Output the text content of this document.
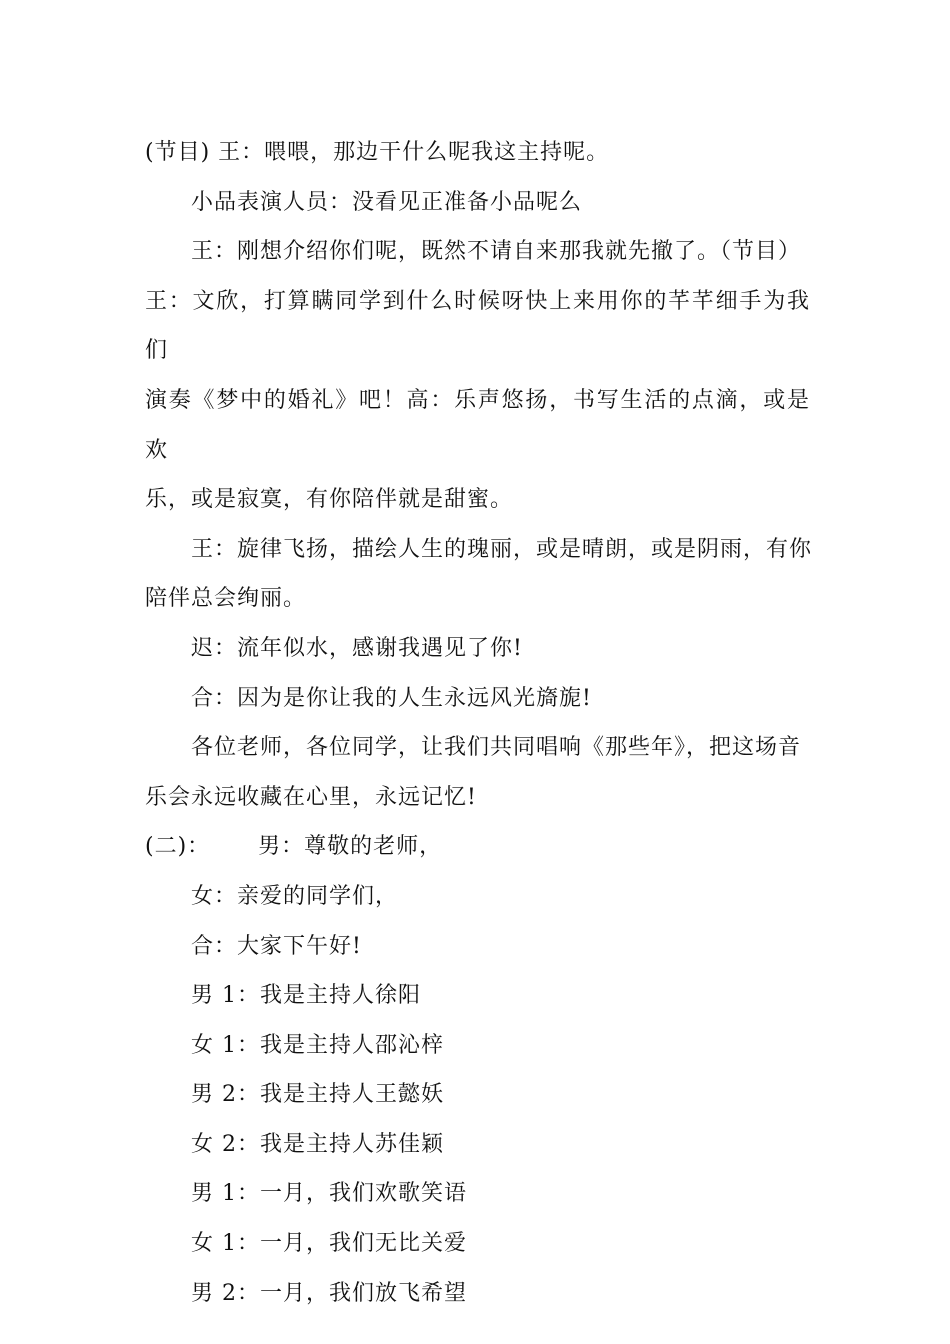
(节目) 王：喂喂，那边干什么呢我这主持呢。

小品表演人员：没看见正准备小品呢么

王：刚想介绍你们呢，既然不请自来那我就先撤了。（节目）

王：文欣，打算瞒同学到什么时候呀快上来用你的芊芊细手为我们

演奏《梦中的婚礼》吧！高：乐声悠扬，书写生活的点滴，或是欢

乐，或是寂寞，有你陪伴就是甜蜜。

王：旋律飞扬，描绘人生的瑰丽，或是晴朗，或是阴雨，有你

陪伴总会绚丽。

迟：流年似水，感谢我遇见了你!

合：因为是你让我的人生永远风光旖旎!

各位老师，各位同学，让我们共同唱响《那些年》，把这场音

乐会永远收藏在心里，永远记忆!

(二)： 男：尊敬的老师，

女：亲爱的同学们，

合：大家下午好!

男 1：我是主持人徐阳

女 1：我是主持人邵沁梓

男 2：我是主持人王懿妖

女 2：我是主持人苏佳颖

男 1：一月，我们欢歌笑语

女 1：一月，我们无比关爱

男 2：一月，我们放飞希望
